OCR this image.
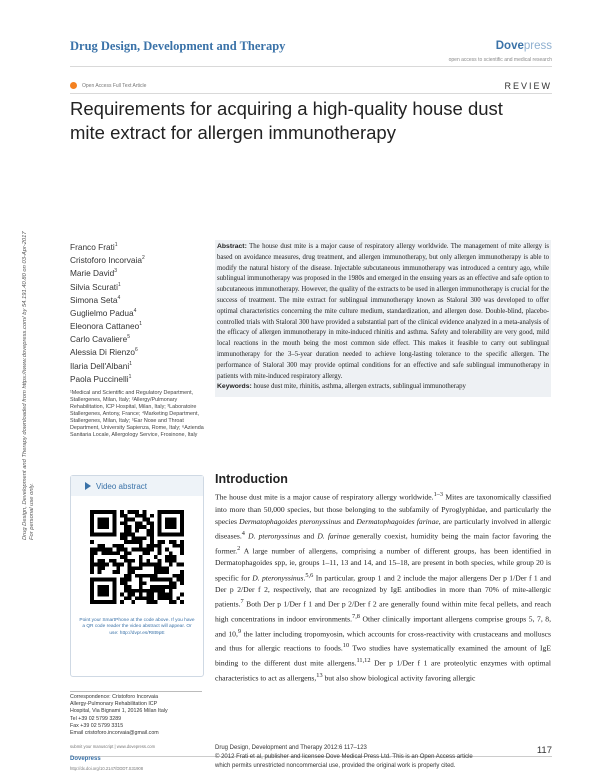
Drug Design, Development and Therapy	Dovepress
open access to scientific and medical research
Open Access Full Text Article	REVIEW
Requirements for acquiring a high-quality house dust mite extract for allergen immunotherapy
Drug Design, Development and Therapy downloaded from https://www.dovepress.com/ by 54.191.40.80 on 03-Apr-2017
For personal use only.
Franco Frati$^1$
Cristoforo Incorvaia$^2$
Marie David$^3$
Silvia Scurati$^1$
Simona Seta$^4$
Guglielmo Padua$^4$
Eleonora Cattaneo$^1$
Carlo Cavaliere$^5$
Alessia Di Rienzo$^6$
Ilaria Dell'Albani$^1$
Paola Puccinelli$^1$
¹Medical and Scientific and Regulatory Department, Stallergenes, Milan, Italy; ²Allergy/Pulmonary Rehabilitation, ICP Hospital, Milan, Italy; ³Laboratoire Stallergenes, Antony, France; ⁴Marketing Department, Stallergenes, Milan, Italy; ⁵Ear Nose and Throat Department, University Sapienza, Rome, Italy; ⁶Azienda Sanitaria Locale, Allergology Service, Frosinone, Italy
Video abstract
Point your SmartPhone at the code above. If you have a QR code reader the video abstract will appear. Or use: http://dvpr.es/R8t9pE
Correspondence: Cristoforo Incorvaia
Allergy-Pulmonary Rehabilitation ICP
Hospital, Via Bignami 1, 20126 Milan Italy
Tel +39 02 5799 3289
Fax +39 02 5799 3315
Email cristoforo.incorvaia@gmail.com

Abstract: The house dust mite is a major cause of respiratory allergy worldwide. The management of mite allergy is based on avoidance measures, drug treatment, and allergen immunotherapy, but only allergen immunotherapy is able to modify the natural history of the disease. Injectable subcutaneous immunotherapy was introduced a century ago, while sublingual immunotherapy was proposed in the 1980s and emerged in the ensuing years as an effective and safe option to subcutaneous immunotherapy. However, the quality of the extracts to be used in allergen immunotherapy is crucial for the success of treatment. The mite extract for sublingual immunotherapy known as Staloral 300 was developed to offer optimal characteristics concerning the mite culture medium, standardization, and allergen dose. Double-blind, placebo-controlled trials with Staloral 300 have provided a substantial part of the clinical evidence analyzed in a meta-analysis of the efficacy of allergen immunotherapy in mite-induced rhinitis and asthma. Safety and tolerability are very good, mild local reactions in the mouth being the most common side effect. This makes it feasible to carry out sublingual immunotherapy for the 3–5-year duration needed to achieve long-lasting tolerance to the specific allergen. The performance of Staloral 300 may provide optimal conditions for an effective and safe sublingual immunotherapy in patients with mite-induced respiratory allergy.

Keywords: house dust mite, rhinitis, asthma, allergen extracts, sublingual immunotherapy

Introduction
The house dust mite is a major cause of respiratory allergy worldwide.$^{1-3}$ Mites are taxonomically classified into more than 50,000 species, but those belonging to the subfamily of Pyroglyphidae, and particularly the species Dermatophagoides pteronyssinus and Dermatophagoides farinae, are particularly involved in allergic diseases.$^4$ D. pteronyssinus and D. farinae generally coexist, humidity being the main factor favoring the former.$^2$ A large number of allergens, comprising a number of different groups, has been identified in Dermatophagoides spp, ie, groups 1–11, 13 and 14, and 15–18, are present in both species, while group 20 is specific for D. pteronyssinus.$^{5,6}$ In particular, group 1 and 2 include the major allergens Der p 1/Der f 1 and Der p 2/Der f 2, respectively, that are recognized by IgE antibodies in more than 70% of mite-allergic patients.$^7$ Both Der p 1/Der f 1 and Der p 2/Der f 2 are generally found within mite fecal pellets, and reach high concentrations in indoor environments.$^{7,8}$ Other clinically important allergens comprise groups 5, 7, 8, and 10,$^9$ the latter including tropomyosin, which accounts for cross-reactivity with crustaceans and molluscs and thus for allergic reactions to foods.$^{10}$ Two studies have systematically examined the amount of IgE binding to the different dust mite allergens.$^{11,12}$ Der p 1/Der f 1 are proteolytic enzymes with optimal characteristics to act as allergens,$^{13}$ but also show biological activity favoring allergic
submit your manuscript | www.dovepress.com
Dovepress
http://dx.doi.org/10.2147/DDDT.S31908
Drug Design, Development and Therapy 2012:6 117–123
© 2012 Frati et al, publisher and licensee Dove Medical Press Ltd. This is an Open Access article
which permits unrestricted noncommercial use, provided the original work is properly cited.
117
